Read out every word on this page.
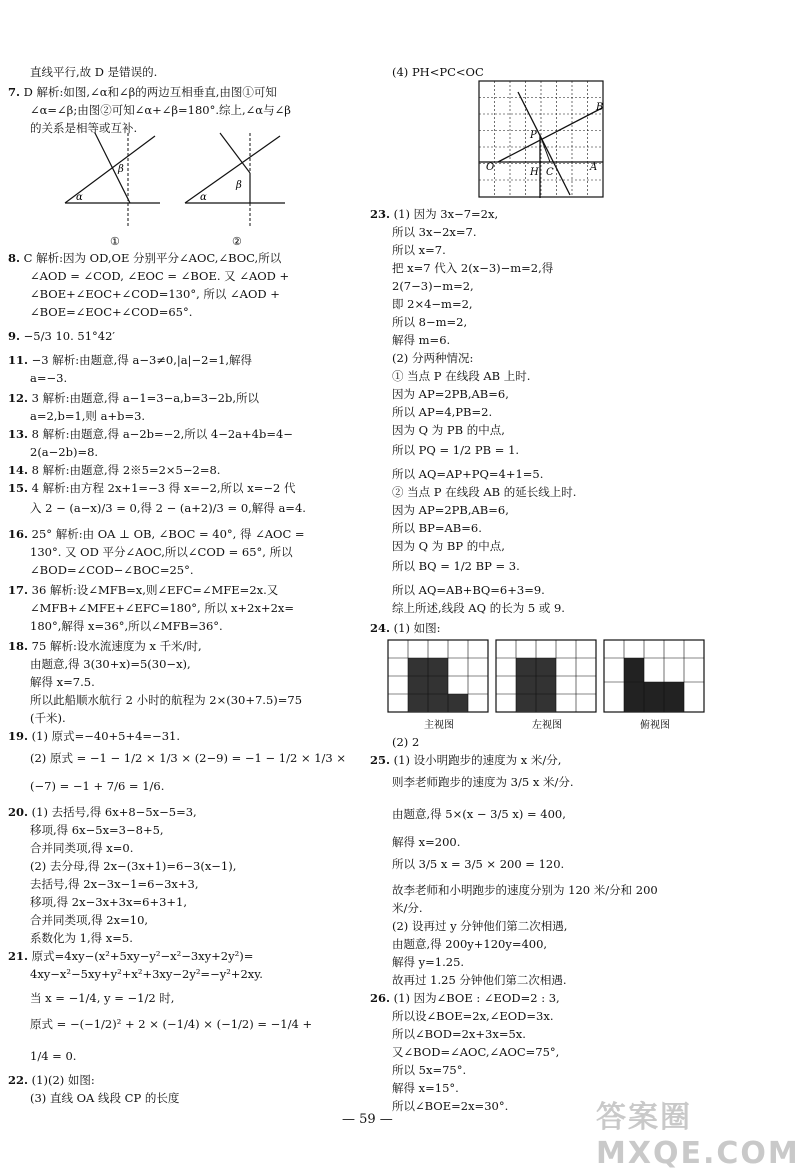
直线平行,故 D 是错误的.
7. D 解析:如图,∠α和∠β的两边互相垂直,由图①可知
∠α=∠β;由图②可知∠α+∠β=180°.综上,∠α与∠β
的关系是相等或互补.
8. C 解析:因为 OD,OE 分别平分∠AOC,∠BOC,所以
∠AOD = ∠COD, ∠EOC = ∠BOE. 又 ∠AOD +
∠BOE+∠EOC+∠COD=130°, 所以 ∠AOD +
∠BOE=∠EOC+∠COD=65°.
9. −5/3 10. 51°42′
11. −3 解析:由题意,得 a−3≠0,|a|−2=1,解得
a=−3.
12. 3 解析:由题意,得 a−1=3−a,b=3−2b,所以
a=2,b=1,则 a+b=3.
13. 8 解析:由题意,得 a−2b=−2,所以 4−2a+4b=4−
2(a−2b)=8.
14. 8 解析:由题意,得 2※5=2×5−2=8.
15. 4 解析:由方程 2x+1=−3 得 x=−2,所以 x=−2 代
入 2 − (a−x)/3 = 0,得 2 − (a+2)/3 = 0,解得 a=4.
16. 25° 解析:由 OA ⊥ OB, ∠BOC = 40°, 得 ∠AOC =
130°. 又 OD 平分∠AOC,所以∠COD = 65°, 所以
∠BOD=∠COD−∠BOC=25°.
17. 36 解析:设∠MFB=x,则∠EFC=∠MFE=2x.又
∠MFB+∠MFE+∠EFC=180°, 所以 x+2x+2x=
180°,解得 x=36°,所以∠MFB=36°.
18. 75 解析:设水流速度为 x 千米/时,
由题意,得 3(30+x)=5(30−x),
解得 x=7.5.
所以此船顺水航行 2 小时的航程为 2×(30+7.5)=75
(千米).
19. (1) 原式=−40+5+4=−31.
(2) 原式 = −1 − 1/2 × 1/3 × (2−9) = −1 − 1/2 × 1/3 ×
(−7) = −1 + 7/6 = 1/6.
20. (1) 去括号,得 6x+8−5x−5=3,
移项,得 6x−5x=3−8+5,
合并同类项,得 x=0.
(2) 去分母,得 2x−(3x+1)=6−3(x−1),
去括号,得 2x−3x−1=6−3x+3,
移项,得 2x−3x+3x=6+3+1,
合并同类项,得 2x=10,
系数化为 1,得 x=5.
21. 原式=4xy−(x²+5xy−y²−x²−3xy+2y²)=
4xy−x²−5xy+y²+x²+3xy−2y²=−y²+2xy.
当 x = −1/4, y = −1/2 时,
原式 = −(−1/2)² + 2 × (−1/4) × (−1/2) = −1/4 +
1/4 = 0.
22. (1)(2) 如图:
(3) 直线 OA 线段 CP 的长度
(4) PH<PC<OC
23. (1) 因为 3x−7=2x,
所以 3x−2x=7.
所以 x=7.
把 x=7 代入 2(x−3)−m=2,得
2(7−3)−m=2,
即 2×4−m=2,
所以 8−m=2,
解得 m=6.
(2) 分两种情况:
① 当点 P 在线段 AB 上时.
因为 AP=2PB,AB=6,
所以 AP=4,PB=2.
因为 Q 为 PB 的中点,
所以 PQ = 1/2 PB = 1.
所以 AQ=AP+PQ=4+1=5.
② 当点 P 在线段 AB 的延长线上时.
因为 AP=2PB,AB=6,
所以 BP=AB=6.
因为 Q 为 BP 的中点,
所以 BQ = 1/2 BP = 3.
所以 AQ=AB+BQ=6+3=9.
综上所述,线段 AQ 的长为 5 或 9.
24. (1) 如图:
(2) 2
25. (1) 设小明跑步的速度为 x 米/分,
则李老师跑步的速度为 3/5 x 米/分.
由题意,得 5×(x − 3/5 x) = 400,
解得 x=200.
所以 3/5 x = 3/5 × 200 = 120.
故李老师和小明跑步的速度分别为 120 米/分和 200
米/分.
(2) 设再过 y 分钟他们第二次相遇,
由题意,得 200y+120y=400,
解得 y=1.25.
故再过 1.25 分钟他们第二次相遇.
26. (1) 因为∠BOE : ∠EOD=2 : 3,
所以设∠BOE=2x,∠EOD=3x.
所以∠BOD=2x+3x=5x.
又∠BOD=∠AOC,∠AOC=75°,
所以 5x=75°.
解得 x=15°.
所以∠BOE=2x=30°.
α
β
①
α
β
②
B
P
O	H C	A
主视图	左视图	俯视图
— 59 —	答案圈 MXQE.COM
